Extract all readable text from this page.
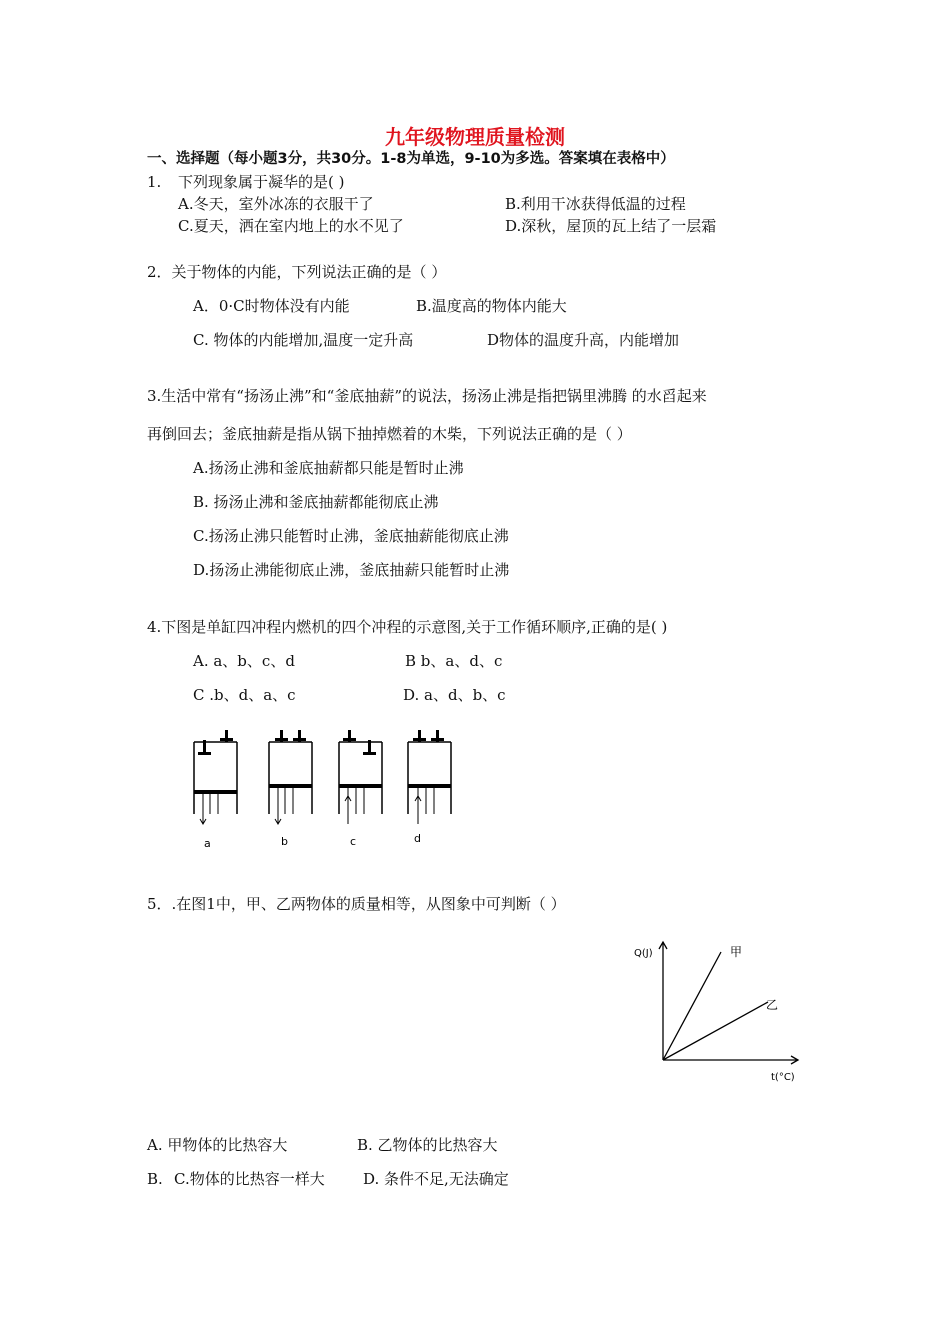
九年级物理质量检测
一、选择题（每小题3分，共30分。1-8为单选，9-10为多选。答案填在表格中）
1. 下列现象属于凝华的是( )
A.冬天，室外冰冻的衣服干了	B.利用干冰获得低温的过程
C.夏天，洒在室内地上的水不见了	D.深秋，屋顶的瓦上结了一层霜
2．关于物体的内能，下列说法正确的是（ ）
A．0·C时物体没有内能	B.温度高的物体内能大
C. 物体的内能增加,温度一定升高	D物体的温度升高，内能增加
3.生活中常有“扬汤止沸”和“釜底抽薪”的说法，扬汤止沸是指把锅里沸腾 的水舀起来
再倒回去；釜底抽薪是指从锅下抽掉燃着的木柴，下列说法正确的是（ ）
A.扬汤止沸和釜底抽薪都只能是暂时止沸
B. 扬汤止沸和釜底抽薪都能彻底止沸
C.扬汤止沸只能暂时止沸，釜底抽薪能彻底止沸
D.扬汤止沸能彻底止沸，釜底抽薪只能暂时止沸
4.下图是单缸四冲程内燃机的四个冲程的示意图,关于工作循环顺序,正确的是( )
A. a、b、c、d	B b、a、d、c
C .b、d、a、c	D. a、d、b、c
a	b	c	d
5．.在图1中，甲、乙两物体的质量相等，从图象中可判断（ ）
Q(J)
t(°C)
甲
乙
A. 甲物体的比热容大	B. 乙物体的比热容大
B. C.物体的比热容一样大	D. 条件不足,无法确定
